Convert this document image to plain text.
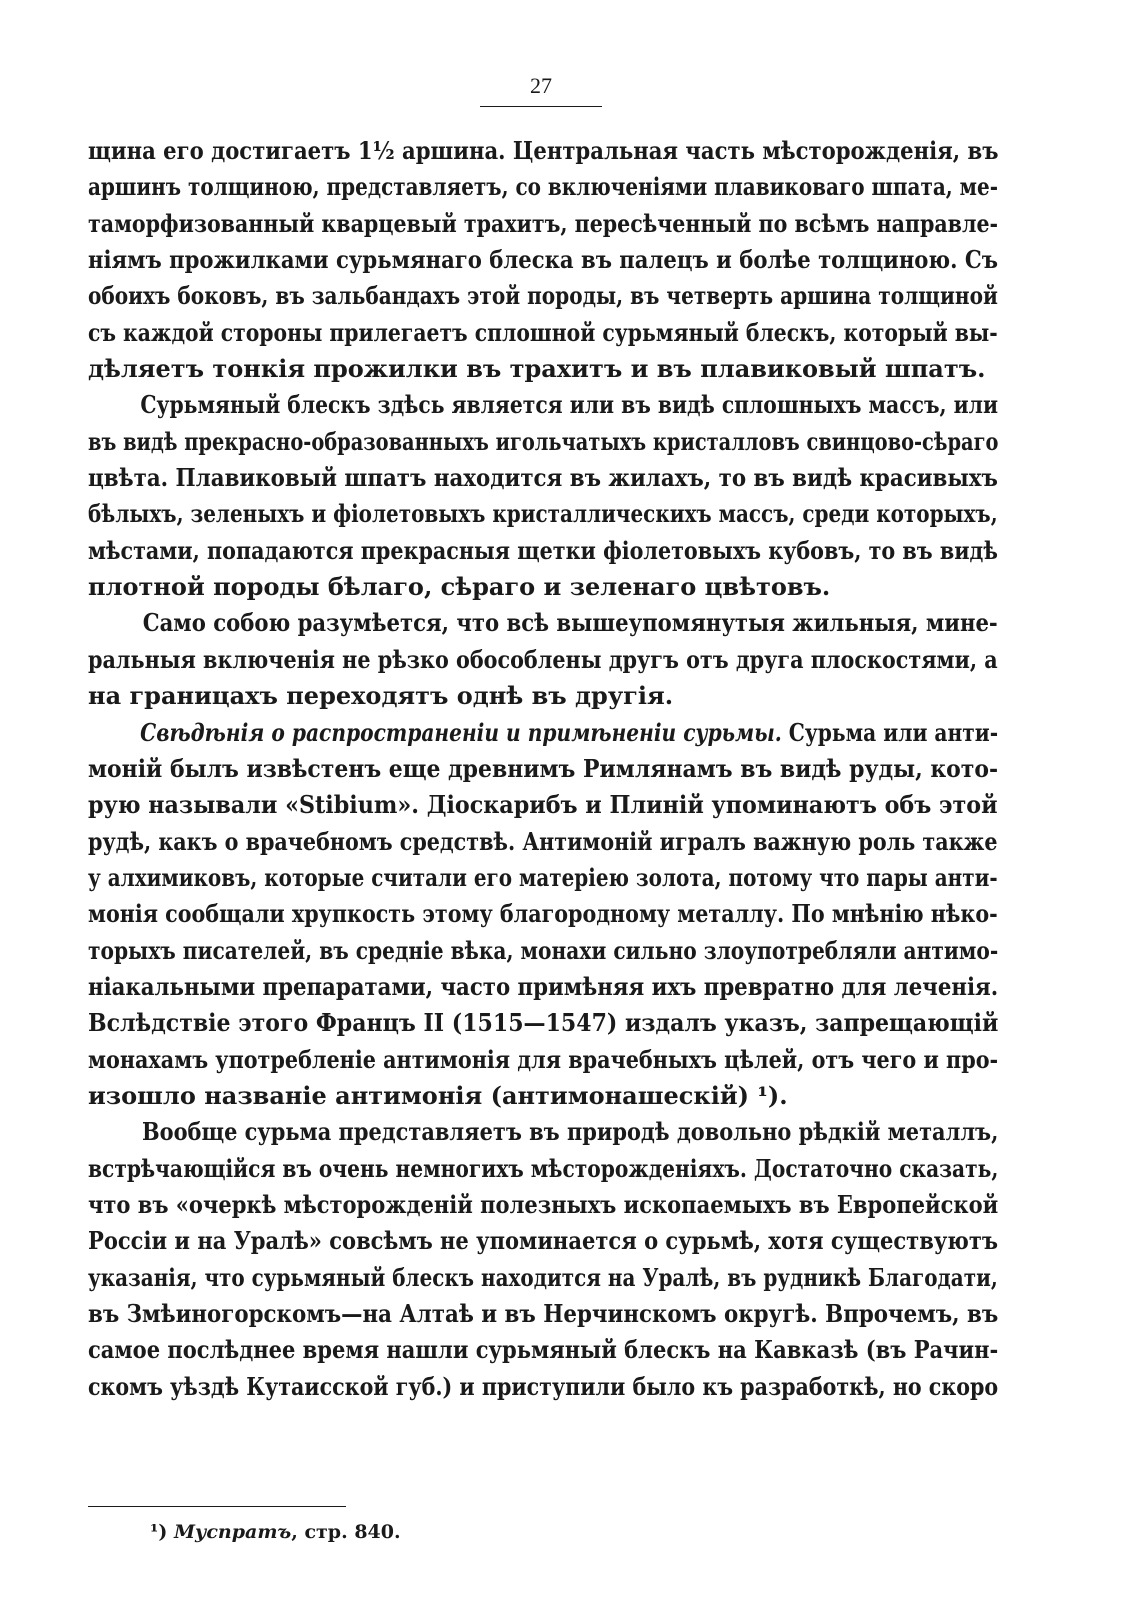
27
щина его достигаетъ 1½ аршина. Центральная часть мѣсторожденія, въ
аршинъ толщиною, представляетъ, со включеніями плавиковаго шпата, ме-
таморфизованный кварцевый трахитъ, пересѣченный по всѣмъ направле-
ніямъ прожилками сурьмянаго блеска въ палецъ и болѣе толщиною. Съ
обоихъ боковъ, въ зальбандахъ этой породы, въ четверть аршина толщиной
съ каждой стороны прилегаетъ сплошной сурьмяный блескъ, который вы-
дѣляетъ тонкія прожилки въ трахитъ и въ плавиковый шпатъ.
Сурьмяный блескъ здѣсь является или въ видѣ сплошныхъ массъ, или
въ видѣ прекрасно-образованныхъ игольчатыхъ кристалловъ свинцово-сѣраго
цвѣта. Плавиковый шпатъ находится въ жилахъ, то въ видѣ красивыхъ
бѣлыхъ, зеленыхъ и фіолетовыхъ кристаллическихъ массъ, среди которыхъ,
мѣстами, попадаются прекрасныя щетки фіолетовыхъ кубовъ, то въ видѣ
плотной породы бѣлаго, сѣраго и зеленаго цвѣтовъ.
Само собою разумѣется, что всѣ вышеупомянутыя жильныя, мине-
ральныя включенія не рѣзко обособлены другъ отъ друга плоскостями, а
на границахъ переходятъ однѣ въ другія.
Свѣдѣнія о распространеніи и примѣненіи сурьмы. Сурьма или анти-
моній былъ извѣстенъ еще древнимъ Римлянамъ въ видѣ руды, кото-
рую называли «Stibium». Діоскарибъ и Плиній упоминаютъ объ этой
рудѣ, какъ о врачебномъ средствѣ. Антимоній игралъ важную роль также
у алхимиковъ, которые считали его матеріею золота, потому что пары анти-
монія сообщали хрупкость этому благородному металлу. По мнѣнію нѣко-
торыхъ писателей, въ средніе вѣка, монахи сильно злоупотребляли антимо-
ніакальными препаратами, часто примѣняя ихъ превратно для леченія.
Вслѣдствіе этого Францъ II (1515—1547) издалъ указъ, запрещающій
монахамъ употребленіе антимонія для врачебныхъ цѣлей, отъ чего и про-
изошло названіе антимонія (антимонашескій) ¹).
Вообще сурьма представляетъ въ природѣ довольно рѣдкій металлъ,
встрѣчающійся въ очень немногихъ мѣсторожденіяхъ. Достаточно сказать,
что въ «очеркѣ мѣсторожденій полезныхъ ископаемыхъ въ Европейской
Россіи и на Уралѣ» совсѣмъ не упоминается о сурьмѣ, хотя существуютъ
указанія, что сурьмяный блескъ находится на Уралѣ, въ рудникѣ Благодати,
въ Змѣиногорскомъ—на Алтаѣ и въ Нерчинскомъ округѣ. Впрочемъ, въ
самое послѣднее время нашли сурьмяный блескъ на Кавказѣ (въ Рачин-
скомъ уѣздѣ Кутаисской губ.) и приступили было къ разработкѣ, но скоро
¹) Муспратъ, стр. 840.
